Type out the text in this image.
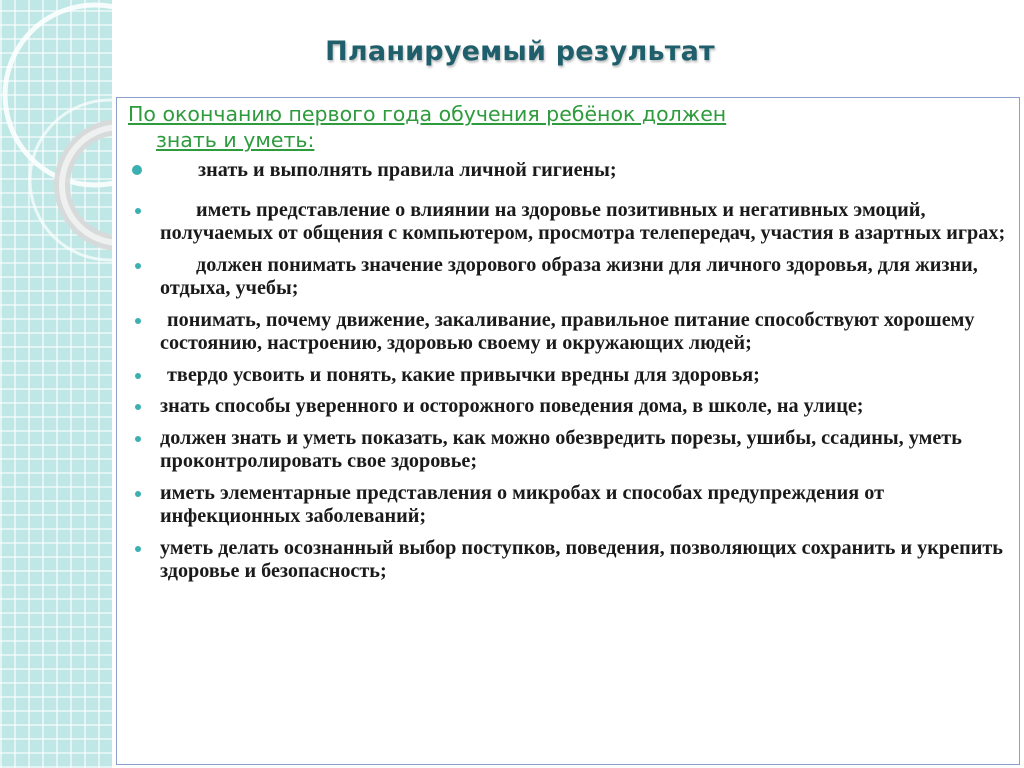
Планируемый результат
По окончанию первого года обучения ребёнок должен
знать и уметь:
знать и выполнять правила личной гигиены;
иметь представление о влиянии на здоровье позитивных и негативных эмоций, получаемых от общения с компьютером, просмотра телепередач, участия в азартных играх;
должен понимать значение здорового образа жизни для личного здоровья, для жизни, отдыха, учебы;
понимать, почему движение, закаливание, правильное питание способствуют хорошему состоянию, настроению, здоровью своему и окружающих людей;
твердо усвоить и понять, какие привычки вредны для здоровья;
знать способы уверенного и осторожного поведения дома, в школе, на улице;
должен знать и уметь показать, как можно обезвредить порезы, ушибы, ссадины, уметь проконтролировать свое здоровье;
иметь элементарные представления о микробах и способах предупреждения от инфекционных заболеваний;
уметь делать осознанный выбор поступков, поведения, позволяющих сохранить и укрепить здоровье и безопасность;
